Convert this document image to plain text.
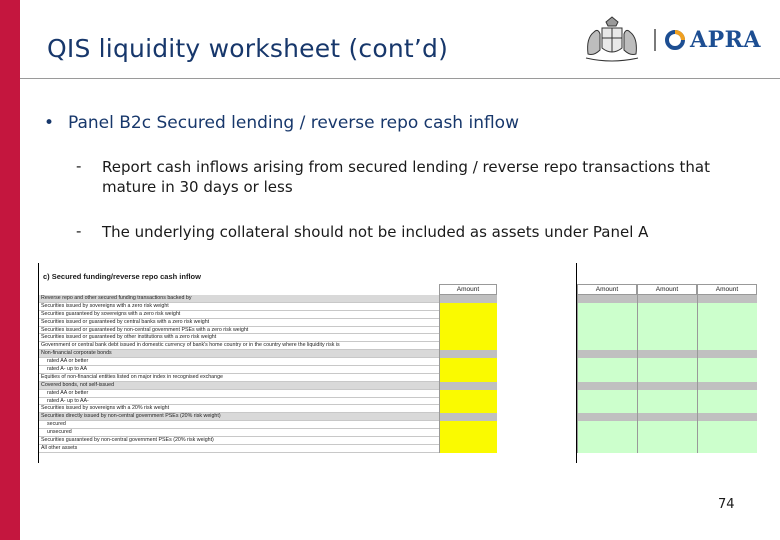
QIS liquidity worksheet (cont’d)	APRA
• Panel B2c Secured lending / reverse repo cash inflow
-	Report cash inflows arising from secured lending / reverse repo transactions that mature in 30 days or less
-	The underlying collateral should not be included as assets under Panel A
c) Secured funding/reverse repo cash inflow
Amount
Reverse repo and other secured funding transactions backed by
Securities issued by sovereigns with a zero risk weight
Securities guaranteed by sovereigns with a zero risk weight
Securities issued or guaranteed by central banks with a zero risk weight
Securities issued or guaranteed by non-central government PSEs with a zero risk weight
Securities issued or guaranteed by other institutions with a zero risk weight
Government or central bank debt issued in domestic currency of bank's home country or in the country where the liquidity risk is
Non-financial corporate bonds
rated AA or better
rated A- up to AA
Equities of non-financial entities listed on major index in recognised exchange
Covered bonds, not self-issued
rated AA or better
rated A- up to AA-
Securities issued by sovereigns with a 20% risk weight
Securities directly issued by non-central government PSEs (20% risk weight)
secured
unsecured
Securities guaranteed by non-central government PSEs (20% risk weight)
All other assets
Amount	Amount	Amount
74
